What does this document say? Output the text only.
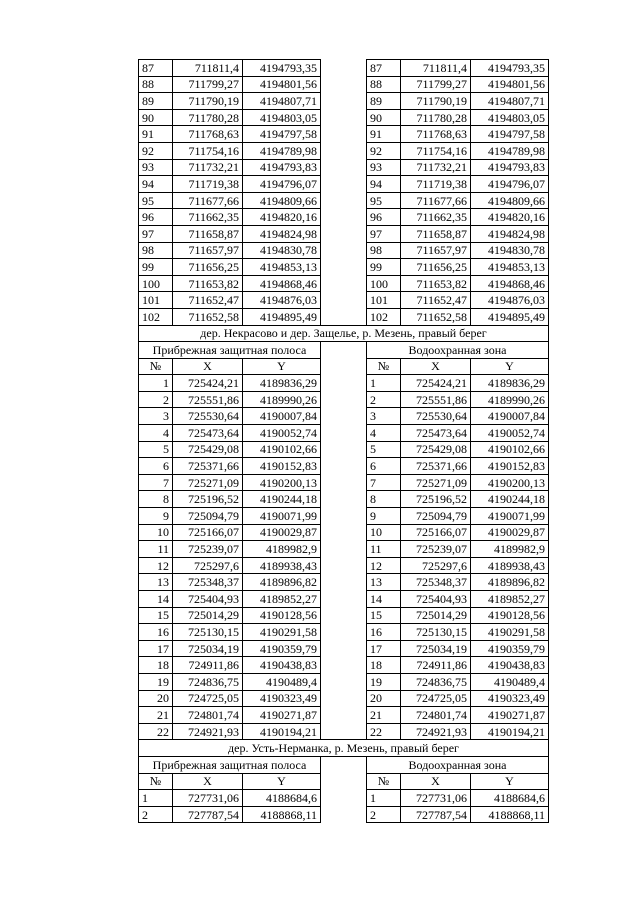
87	711811,4	4194793,35		87	711811,4	4194793,35
88	711799,27	4194801,56		88	711799,27	4194801,56
89	711790,19	4194807,71		89	711790,19	4194807,71
90	711780,28	4194803,05		90	711780,28	4194803,05
91	711768,63	4194797,58		91	711768,63	4194797,58
92	711754,16	4194789,98		92	711754,16	4194789,98
93	711732,21	4194793,83		93	711732,21	4194793,83
94	711719,38	4194796,07		94	711719,38	4194796,07
95	711677,66	4194809,66		95	711677,66	4194809,66
96	711662,35	4194820,16		96	711662,35	4194820,16
97	711658,87	4194824,98		97	711658,87	4194824,98
98	711657,97	4194830,78		98	711657,97	4194830,78
99	711656,25	4194853,13		99	711656,25	4194853,13
100	711653,82	4194868,46		100	711653,82	4194868,46
101	711652,47	4194876,03		101	711652,47	4194876,03
102	711652,58	4194895,49		102	711652,58	4194895,49
дер. Некрасово и дер. Защелье, р. Мезень, правый берег						
Прибрежная защитная полоса				Водоохранная зона		
№	X	Y		№	X	Y
1	725424,21	4189836,29		1	725424,21	4189836,29
2	725551,86	4189990,26		2	725551,86	4189990,26
3	725530,64	4190007,84		3	725530,64	4190007,84
4	725473,64	4190052,74		4	725473,64	4190052,74
5	725429,08	4190102,66		5	725429,08	4190102,66
6	725371,66	4190152,83		6	725371,66	4190152,83
7	725271,09	4190200,13		7	725271,09	4190200,13
8	725196,52	4190244,18		8	725196,52	4190244,18
9	725094,79	4190071,99		9	725094,79	4190071,99
10	725166,07	4190029,87		10	725166,07	4190029,87
11	725239,07	4189982,9		11	725239,07	4189982,9
12	725297,6	4189938,43		12	725297,6	4189938,43
13	725348,37	4189896,82		13	725348,37	4189896,82
14	725404,93	4189852,27		14	725404,93	4189852,27
15	725014,29	4190128,56		15	725014,29	4190128,56
16	725130,15	4190291,58		16	725130,15	4190291,58
17	725034,19	4190359,79		17	725034,19	4190359,79
18	724911,86	4190438,83		18	724911,86	4190438,83
19	724836,75	4190489,4		19	724836,75	4190489,4
20	724725,05	4190323,49		20	724725,05	4190323,49
21	724801,74	4190271,87		21	724801,74	4190271,87
22	724921,93	4190194,21		22	724921,93	4190194,21
дер. Усть-Нерманка, р. Мезень, правый берег						
Прибрежная защитная полоса				Водоохранная зона		
№	X	Y		№	X	Y
1	727731,06	4188684,6		1	727731,06	4188684,6
2	727787,54	4188868,11		2	727787,54	4188868,11
